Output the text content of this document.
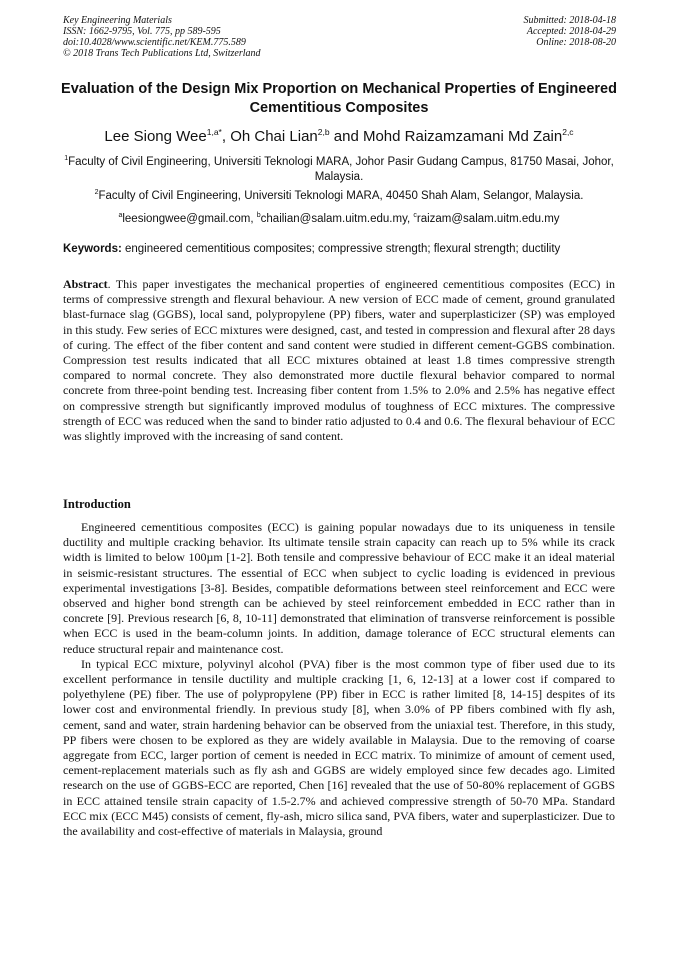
Key Engineering Materials
ISSN: 1662-9795, Vol. 775, pp 589-595
doi:10.4028/www.scientific.net/KEM.775.589
© 2018 Trans Tech Publications Ltd, Switzerland
Submitted: 2018-04-18
Accepted: 2018-04-29
Online: 2018-08-20
Evaluation of the Design Mix Proportion on Mechanical Properties of Engineered Cementitious Composites
Lee Siong Wee$^{1,a*}$, Oh Chai Lian$^{2,b}$ and Mohd Raizamzamani Md Zain$^{2,c}$
$^1$Faculty of Civil Engineering, Universiti Teknologi MARA, Johor Pasir Gudang Campus, 81750 Masai, Johor, Malaysia.
$^2$Faculty of Civil Engineering, Universiti Teknologi MARA, 40450 Shah Alam, Selangor, Malaysia.
$^a$leesiongwee@gmail.com, $^b$chailian@salam.uitm.edu.my, $^c$raizam@salam.uitm.edu.my
Keywords: engineered cementitious composites; compressive strength; flexural strength; ductility
Abstract. This paper investigates the mechanical properties of engineered cementitious composites (ECC) in terms of compressive strength and flexural behaviour. A new version of ECC made of cement, ground granulated blast-furnace slag (GGBS), local sand, polypropylene (PP) fibers, water and superplasticizer (SP) was employed in this study. Few series of ECC mixtures were designed, cast, and tested in compression and flexural after 28 days of curing. The effect of the fiber content and sand content were studied in different cement-GGBS combination. Compression test results indicated that all ECC mixtures obtained at least 1.8 times compressive strength compared to normal concrete. They also demonstrated more ductile flexural behavior compared to normal concrete from three-point bending test. Increasing fiber content from 1.5% to 2.0% and 2.5% has negative effect on compressive strength but significantly improved modulus of toughness of ECC mixtures. The compressive strength of ECC was reduced when the sand to binder ratio adjusted to 0.4 and 0.6. The flexural behaviour of ECC was slightly improved with the increasing of sand content.
Introduction

Engineered cementitious composites (ECC) is gaining popular nowadays due to its uniqueness in tensile ductility and multiple cracking behavior. Its ultimate tensile strain capacity can reach up to 5% while its crack width is limited to below 100µm [1-2]. Both tensile and compressive behaviour of ECC make it an ideal material in seismic-resistant structures. The essential of ECC when subject to cyclic loading is evidenced in previous experimental investigations [3-8]. Besides, compatible deformations between steel reinforcement and ECC were observed and higher bond strength can be achieved by steel reinforcement embedded in ECC rather than in concrete [9]. Previous research [6, 8, 10-11] demonstrated that elimination of transverse reinforcement is possible when ECC is used in the beam-column joints. In addition, damage tolerance of ECC structural elements can reduce structural repair and maintenance cost.

In typical ECC mixture, polyvinyl alcohol (PVA) fiber is the most common type of fiber used due to its excellent performance in tensile ductility and multiple cracking [1, 6, 12-13] at a lower cost if compared to polyethylene (PE) fiber. The use of polypropylene (PP) fiber in ECC is rather limited [8, 14-15] despites of its lower cost and environmental friendly. In previous study [8], when 3.0% of PP fibers combined with fly ash, cement, sand and water, strain hardening behavior can be observed from the uniaxial test. Therefore, in this study, PP fibers were chosen to be explored as they are widely available in Malaysia. Due to the removing of coarse aggregate from ECC, larger portion of cement is needed in ECC matrix. To minimize of amount of cement used, cement-replacement materials such as fly ash and GGBS are widely employed since few decades ago. Limited research on the use of GGBS-ECC are reported, Chen [16] revealed that the use of 50-80% replacement of GGBS in ECC attained tensile strain capacity of 1.5-2.7% and achieved compressive strength of 50-70 MPa. Standard ECC mix (ECC M45) consists of cement, fly-ash, micro silica sand, PVA fibers, water and superplasticizer. Due to the availability and cost-effective of materials in Malaysia, ground
